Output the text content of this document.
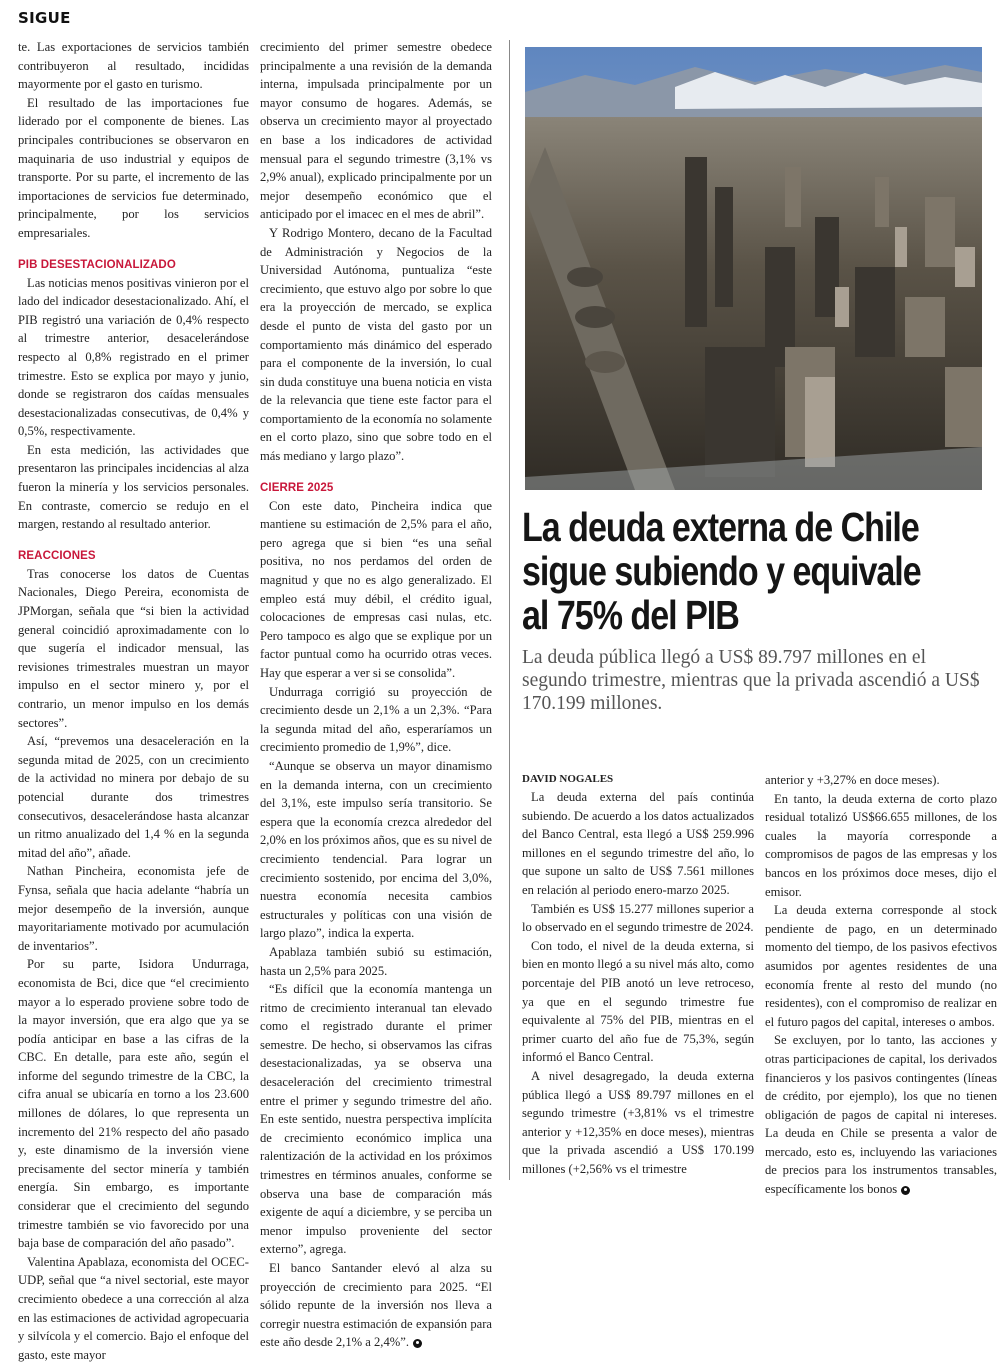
SIGUE

te. Las exportaciones de servicios también contribuyeron al resultado, incididas mayormente por el gasto en turismo.

El resultado de las importaciones fue liderado por el componente de bienes. Las principales contribuciones se observaron en maquinaria de uso industrial y equipos de transporte. Por su parte, el incremento de las importaciones de servicios fue determinado, principalmente, por los servicios empresariales.

PIB DESESTACIONALIZADO

Las noticias menos positivas vinieron por el lado del indicador desestacionalizado. Ahí, el PIB registró una variación de 0,4% respecto al trimestre anterior, desacelerándose respecto al 0,8% registrado en el primer trimestre. Esto se explica por mayo y junio, donde se registraron dos caídas mensuales desestacionalizadas consecutivas, de 0,4% y 0,5%, respectivamente.

En esta medición, las actividades que presentaron las principales incidencias al alza fueron la minería y los servicios personales. En contraste, comercio se redujo en el margen, restando al resultado anterior.

REACCIONES

Tras conocerse los datos de Cuentas Nacionales, Diego Pereira, economista de JPMorgan, señala que “si bien la actividad general coincidió aproximadamente con lo que sugería el indicador mensual, las revisiones trimestrales muestran un mayor impulso en el sector minero y, por el contrario, un menor impulso en los demás sectores”.

Así, “prevemos una desaceleración en la segunda mitad de 2025, con un crecimiento de la actividad no minera por debajo de su potencial durante dos trimestres consecutivos, desacelerándose hasta alcanzar un ritmo anualizado del 1,4 % en la segunda mitad del año”, añade.

Nathan Pincheira, economista jefe de Fynsa, señala que hacia adelante “habría un mejor desempeño de la inversión, aunque mayoritariamente motivado por acumulación de inventarios”.

Por su parte, Isidora Undurraga, economista de Bci, dice que “el crecimiento mayor a lo esperado proviene sobre todo de la mayor inversión, que era algo que ya se podía anticipar en base a las cifras de la CBC. En detalle, para este año, según el informe del segundo trimestre de la CBC, la cifra anual se ubicaría en torno a los 23.600 millones de dólares, lo que representa un incremento del 21% respecto del año pasado y, este dinamismo de la inversión viene precisamente del sector minería y también energía. Sin embargo, es importante considerar que el crecimiento del segundo trimestre también se vio favorecido por una baja base de comparación del año pasado”.

Valentina Apablaza, economista del OCEC-UDP, señal que “a nivel sectorial, este mayor crecimiento obedece a una corrección al alza en las estimaciones de actividad agropecuaria y silvícola y el comercio. Bajo el enfoque del gasto, este mayor

crecimiento del primer semestre obedece principalmente a una revisión de la demanda interna, impulsada principalmente por un mayor consumo de hogares. Además, se observa un crecimiento mayor al proyectado en base a los indicadores de actividad mensual para el segundo trimestre (3,1% vs 2,9% anual), explicado principalmente por un mejor desempeño económico que el anticipado por el imacec en el mes de abril”.

Y Rodrigo Montero, decano de la Facultad de Administración y Negocios de la Universidad Autónoma, puntualiza “este crecimiento, que estuvo algo por sobre lo que era la proyección de mercado, se explica desde el punto de vista del gasto por un comportamiento más dinámico del esperado para el componente de la inversión, lo cual sin duda constituye una buena noticia en vista de la relevancia que tiene este factor para el comportamiento de la economía no solamente en el corto plazo, sino que sobre todo en el más mediano y largo plazo”.

CIERRE 2025

Con este dato, Pincheira indica que mantiene su estimación de 2,5% para el año, pero agrega que si bien “es una señal positiva, no nos perdamos del orden de magnitud y que no es algo generalizado. El empleo está muy débil, el crédito igual, colocaciones de empresas casi nulas, etc. Pero tampoco es algo que se explique por un factor puntual como ha ocurrido otras veces. Hay que esperar a ver si se consolida”.

Undurraga corrigió su proyección de crecimiento desde un 2,1% a un 2,3%. “Para la segunda mitad del año, esperaríamos un crecimiento promedio de 1,9%”, dice.

“Aunque se observa un mayor dinamismo en la demanda interna, con un crecimiento del 3,1%, este impulso sería transitorio. Se espera que la economía crezca alrededor del 2,0% en los próximos años, que es su nivel de crecimiento tendencial. Para lograr un crecimiento sostenido, por encima del 3,0%, nuestra economía necesita cambios estructurales y políticas con una visión de largo plazo”, indica la experta.

Apablaza también subió su estimación, hasta un 2,5% para 2025.

“Es difícil que la economía mantenga un ritmo de crecimiento interanual tan elevado como el registrado durante el primer semestre. De hecho, si observamos las cifras desestacionalizadas, ya se observa una desaceleración del crecimiento trimestral entre el primer y segundo trimestre del año. En este sentido, nuestra perspectiva implícita de crecimiento económico implica una ralentización de la actividad en los próximos trimestres en términos anuales, conforme se observa una base de comparación más exigente de aquí a diciembre, y se perciba un menor impulso proveniente del sector externo”, agrega.

El banco Santander elevó al alza su proyección de crecimiento para 2025. “El sólido repunte de la inversión nos lleva a corregir nuestra estimación de expansión para este año desde 2,1% a 2,4%”.

La deuda externa de Chile
sigue subiendo y equivale
al 75% del PIB
La deuda pública llegó a US$ 89.797 millones en el segundo trimestre, mientras que la privada ascendió a US$ 170.199 millones.
DAVID NOGALES

La deuda externa del país continúa subiendo. De acuerdo a los datos actualizados del Banco Central, esta llegó a US$ 259.996 millones en el segundo trimestre del año, lo que supone un salto de US$ 7.561 millones en relación al periodo enero-marzo 2025.

También es US$ 15.277 millones superior a lo observado en el segundo trimestre de 2024.

Con todo, el nivel de la deuda externa, si bien en monto llegó a su nivel más alto, como porcentaje del PIB anotó un leve retroceso, ya que en el segundo trimestre fue equivalente al 75% del PIB, mientras en el primer cuarto del año fue de 75,3%, según informó el Banco Central.

A nivel desagregado, la deuda externa pública llegó a US$ 89.797 millones en el segundo trimestre (+3,81% vs el trimestre anterior y +12,35% en doce meses), mientras que la privada ascendió a US$ 170.199 millones (+2,56% vs el trimestre

anterior y +3,27% en doce meses).

En tanto, la deuda externa de corto plazo residual totalizó US$66.655 millones, de los cuales la mayoría corresponde a compromisos de pagos de las empresas y los bancos en los próximos doce meses, dijo el emisor.

La deuda externa corresponde al stock pendiente de pago, en un determinado momento del tiempo, de los pasivos efectivos asumidos por agentes residentes de una economía frente al resto del mundo (no residentes), con el compromiso de realizar en el futuro pagos del capital, intereses o ambos.

Se excluyen, por lo tanto, las acciones y otras participaciones de capital, los derivados financieros y los pasivos contingentes (líneas de crédito, por ejemplo), los que no tienen obligación de pagos de capital ni intereses. La deuda en Chile se presenta a valor de mercado, esto es, incluyendo las variaciones de precios para los instrumentos transables, específicamente los bonos
